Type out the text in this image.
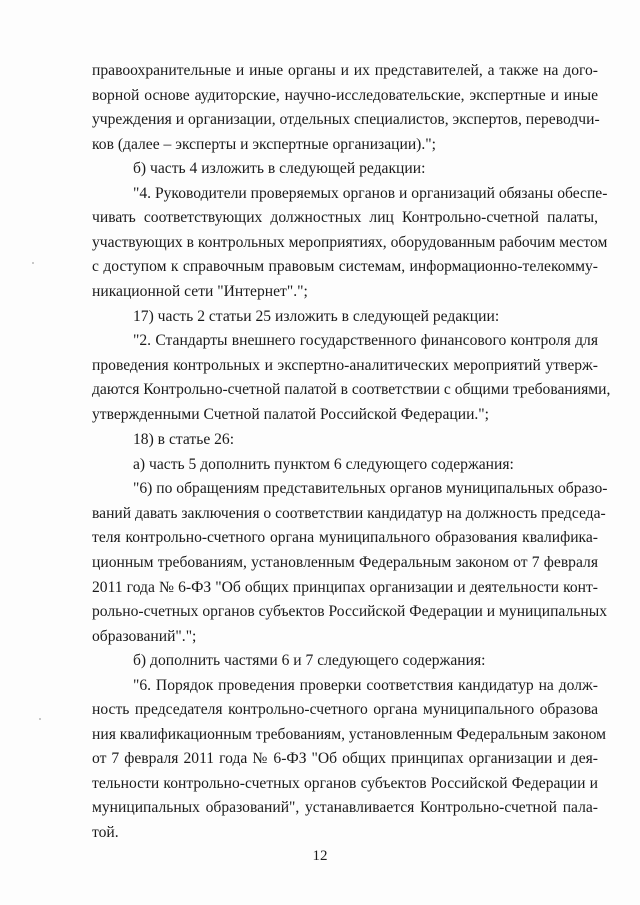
правоохранительные и иные органы и их представителей, а также на дого-
ворной основе аудиторские, научно-исследовательские, экспертные и иные
учреждения и организации, отдельных специалистов, экспертов, переводчи-
ков (далее – эксперты и экспертные организации).";
б) часть 4 изложить в следующей редакции:
"4. Руководители проверяемых органов и организаций обязаны обеспе-
чивать соответствующих должностных лиц Контрольно-счетной палаты,
участвующих в контрольных мероприятиях, оборудованным рабочим местом
с доступом к справочным правовым системам, информационно-телекомму-
никационной сети "Интернет".";
17) часть 2 статьи 25 изложить в следующей редакции:
"2. Стандарты внешнего государственного финансового контроля для
проведения контрольных и экспертно-аналитических мероприятий утверж-
даются Контрольно-счетной палатой в соответствии с общими требованиями,
утвержденными Счетной палатой Российской Федерации.";
18) в статье 26:
а) часть 5 дополнить пунктом 6 следующего содержания:
"6) по обращениям представительных органов муниципальных образо-
ваний давать заключения о соответствии кандидатур на должность председа-
теля контрольно-счетного органа муниципального образования квалифика-
ционным требованиям, установленным Федеральным законом от 7 февраля
2011 года № 6-ФЗ "Об общих принципах организации и деятельности конт-
рольно-счетных органов субъектов Российской Федерации и муниципальных
образований".";
б) дополнить частями 6 и 7 следующего содержания:
"6. Порядок проведения проверки соответствия кандидатур на долж-
ность председателя контрольно-счетного органа муниципального образова
ния квалификационным требованиям, установленным Федеральным законом
от 7 февраля 2011 года № 6-ФЗ "Об общих принципах организации и дея-
тельности контрольно-счетных органов субъектов Российской Федерации и
муниципальных образований", устанавливается Контрольно-счетной пала-
той.
12
